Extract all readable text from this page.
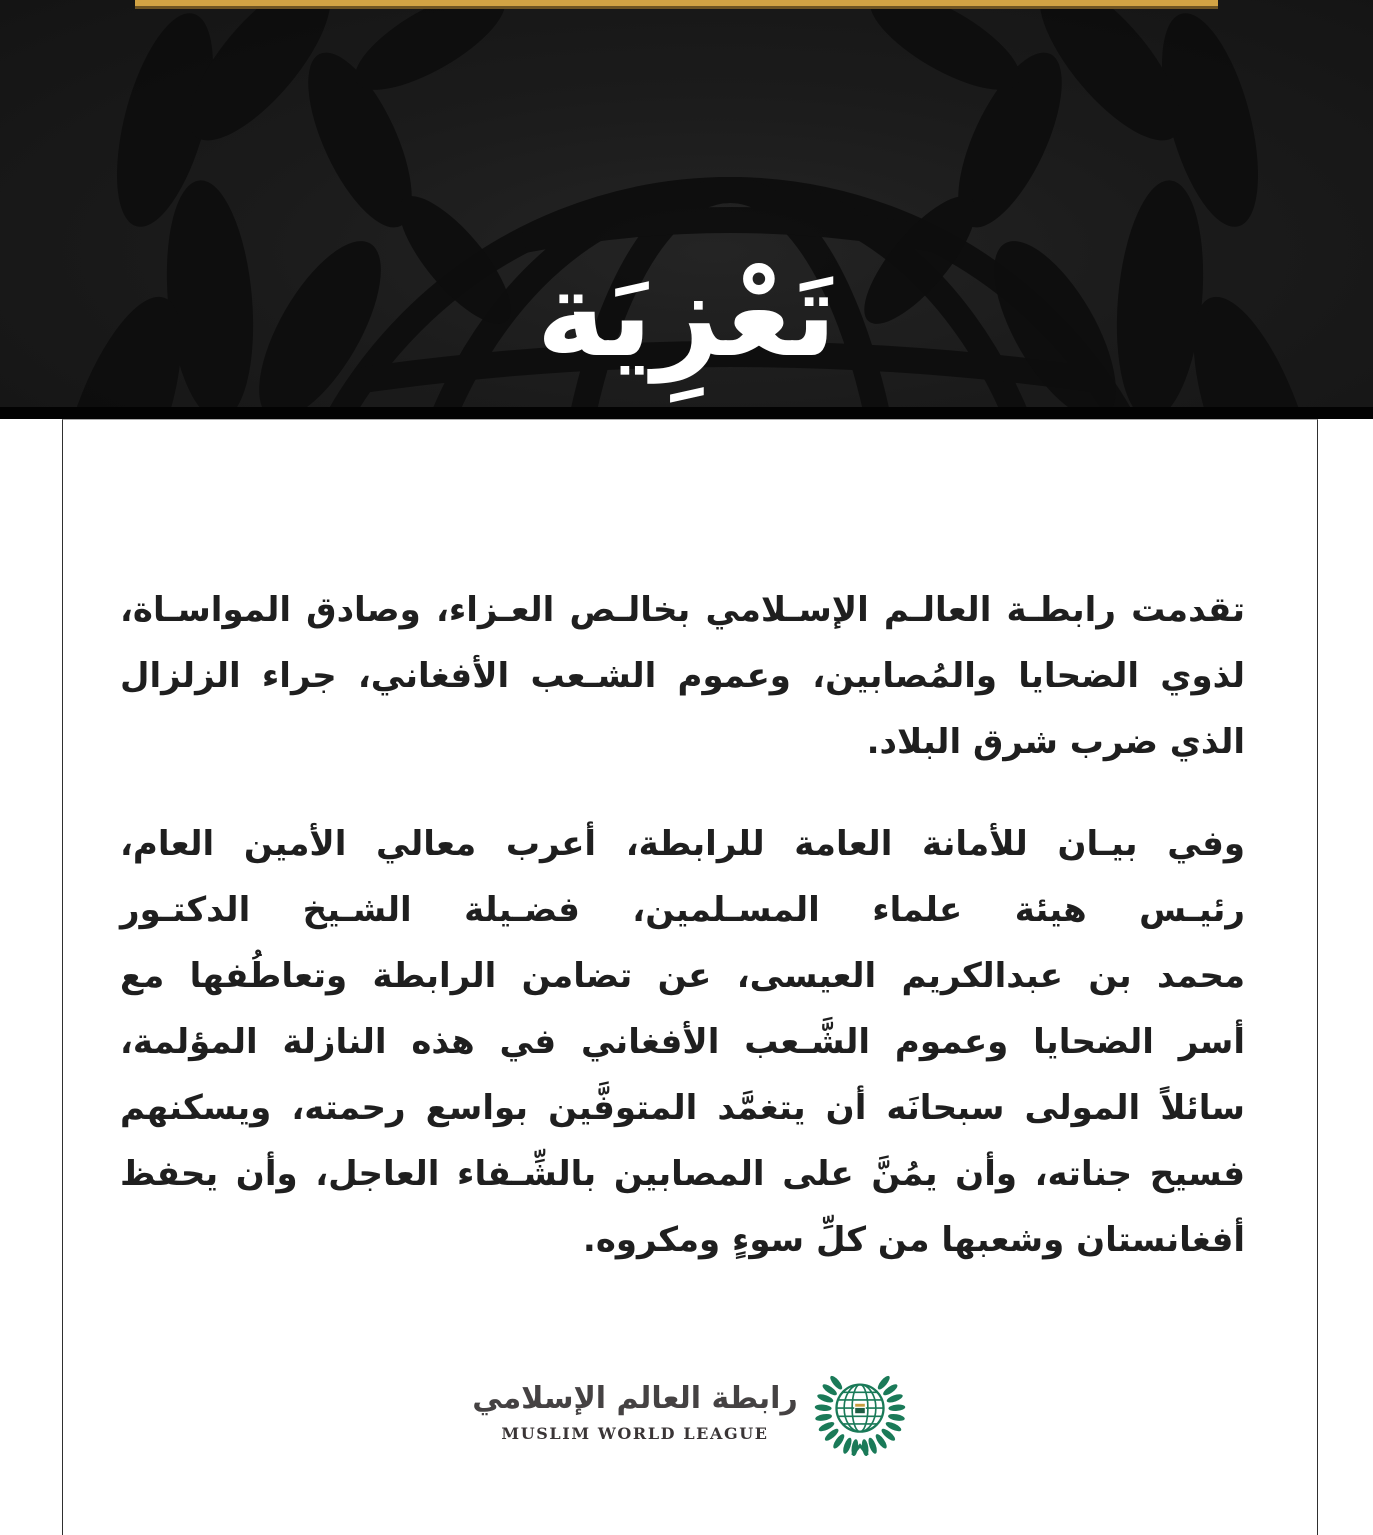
تَعْزِيَة
تقدمت رابطـة العالـم الإسـلامي بخالـص العـزاء، وصادق المواسـاة،
لذوي الضحايا والمُصابين، وعموم الشـعب الأفغاني، جراء الزلزال
الذي ضرب شرق البلاد.
وفي بيـان للأمانة العامة للرابطة، أعرب معالي الأمين العام،
رئيـس هيئة علماء المسـلمين، فضـيلة الشـيخ الدكتـور
محمد بن عبدالكريم العيسى، عن تضامن الرابطة وتعاطُفها مع
أسر الضحايا وعموم الشَّـعب الأفغاني في هذه النازلة المؤلمة،
سائلاً المولى سبحانَه أن يتغمَّد المتوفَّين بواسع رحمته، ويسكنهم
فسيح جناته، وأن يمُنَّ على المصابين بالشِّـفاء العاجل، وأن يحفظ
أفغانستان وشعبها من كلِّ سوءٍ ومكروه.
رابطة العالم الإسلامي
MUSLIM WORLD LEAGUE
